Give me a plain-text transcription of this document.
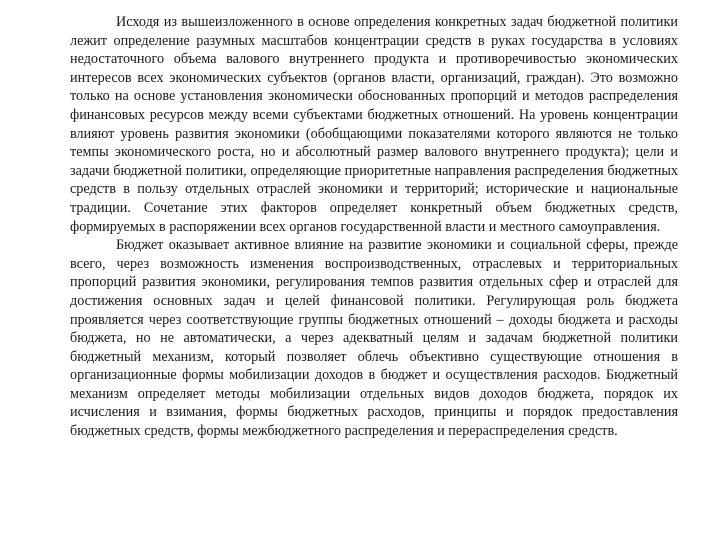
Исходя из вышеизложенного в основе определения конкретных задач бюджетной политики лежит определение разумных масштабов концентрации средств в руках государства в условиях недостаточного объема валового внутреннего продукта и противоречивостью экономических интересов всех экономических субъектов (органов власти, организаций, граждан). Это возможно только на основе установления экономически обоснованных пропорций и методов распределения финансовых ресурсов между всеми субъектами бюджетных отношений. На уровень концентрации влияют уровень развития экономики (обобщающими показателями которого являются не только темпы экономического роста, но и абсолютный размер валового внутреннего продукта); цели и задачи бюджетной политики, определяющие приоритетные направления распределения бюджетных средств в пользу отдельных отраслей экономики и территорий; исторические и национальные традиции. Сочетание этих факторов определяет конкретный объем бюджетных средств, формируемых в распоряжении всех органов государственной власти и местного самоуправления.

Бюджет оказывает активное влияние на развитие экономики и социальной сферы, прежде всего, через возможность изменения воспроизводственных, отраслевых и территориальных пропорций развития экономики, регулирования темпов развития отдельных сфер и отраслей для достижения основных задач и целей финансовой политики. Регулирующая роль бюджета проявляется через соответствующие группы бюджетных отношений – доходы бюджета и расходы бюджета, но не автоматически, а через адекватный целям и задачам бюджетной политики бюджетный механизм, который позволяет облечь объективно существующие отношения в организационные формы мобилизации доходов в бюджет и осуществления расходов. Бюджетный механизм определяет методы мобилизации отдельных видов доходов бюджета, порядок их исчисления и взимания, формы бюджетных расходов, принципы и порядок предоставления бюджетных средств, формы межбюджетного распределения и перераспределения средств.
